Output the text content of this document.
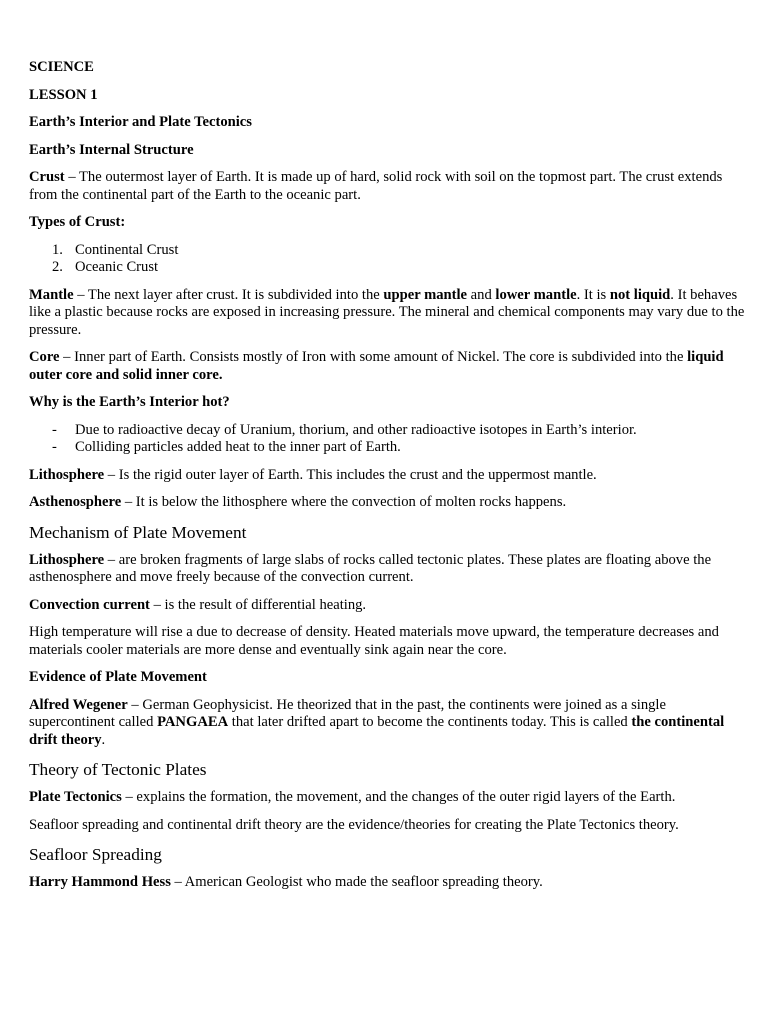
SCIENCE

LESSON 1

Earth’s Interior and Plate Tectonics

Earth’s Internal Structure

Crust – The outermost layer of Earth. It is made up of hard, solid rock with soil on the topmost part. The crust extends from the continental part of the Earth to the oceanic part.

Types of Crust:

1. Continental Crust
2. Oceanic Crust

Mantle – The next layer after crust. It is subdivided into the upper mantle and lower mantle. It is not liquid. It behaves like a plastic because rocks are exposed in increasing pressure. The mineral and chemical components may vary due to the pressure.

Core – Inner part of Earth. Consists mostly of Iron with some amount of Nickel. The core is subdivided into the liquid outer core and solid inner core.

Why is the Earth’s Interior hot?

- Due to radioactive decay of Uranium, thorium, and other radioactive isotopes in Earth’s interior.
- Colliding particles added heat to the inner part of Earth.

Lithosphere – Is the rigid outer layer of Earth. This includes the crust and the uppermost mantle.

Asthenosphere – It is below the lithosphere where the convection of molten rocks happens.

Mechanism of Plate Movement

Lithosphere – are broken fragments of large slabs of rocks called tectonic plates. These plates are floating above the asthenosphere and move freely because of the convection current.

Convection current – is the result of differential heating.

High temperature will rise a due to decrease of density. Heated materials move upward, the temperature decreases and materials cooler materials are more dense and eventually sink again near the core.

Evidence of Plate Movement

Alfred Wegener – German Geophysicist. He theorized that in the past, the continents were joined as a single supercontinent called PANGAEA that later drifted apart to become the continents today. This is called the continental drift theory.

Theory of Tectonic Plates

Plate Tectonics – explains the formation, the movement, and the changes of the outer rigid layers of the Earth.

Seafloor spreading and continental drift theory are the evidence/theories for creating the Plate Tectonics theory.

Seafloor Spreading

Harry Hammond Hess – American Geologist who made the seafloor spreading theory.
